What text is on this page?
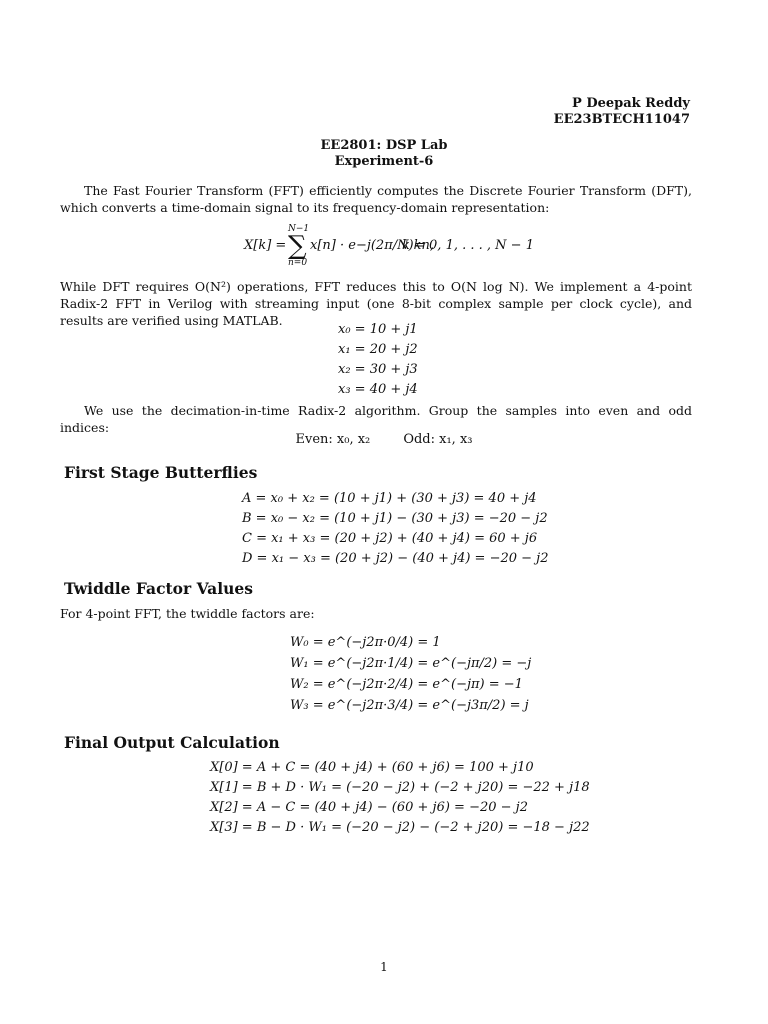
P Deepak Reddy
EE23BTECH11047
EE2801: DSP Lab
Experiment-6

The Fast Fourier Transform (FFT) efficiently computes the Discrete Fourier Transform (DFT), which converts a time-domain signal to its frequency-domain representation:

X[k] =
N−1
∑
n=0
x[n] · e−j(2π/N)kn,
k = 0, 1, . . . , N − 1

While DFT requires O(N²) operations, FFT reduces this to O(N log N). We implement a 4-point Radix-2 FFT in Verilog with streaming input (one 8-bit complex sample per clock cycle), and results are verified using MATLAB.

x₀ = 10 + j1
x₁ = 20 + j2
x₂ = 30 + j3
x₃ = 40 + j4

We use the decimation-in-time Radix-2 algorithm. Group the samples into even and odd indices:

Even: x₀, x₂        Odd: x₁, x₃
First Stage Butterflies
A = x₀ + x₂ = (10 + j1) + (30 + j3) = 40 + j4
B = x₀ − x₂ = (10 + j1) − (30 + j3) = −20 − j2
C = x₁ + x₃ = (20 + j2) + (40 + j4) = 60 + j6
D = x₁ − x₃ = (20 + j2) − (40 + j4) = −20 − j2
Twiddle Factor Values

For 4-point FFT, the twiddle factors are:

W₀ = e^(−j2π·0/4) = 1
W₁ = e^(−j2π·1/4) = e^(−jπ/2) = −j
W₂ = e^(−j2π·2/4) = e^(−jπ) = −1
W₃ = e^(−j2π·3/4) = e^(−j3π/2) = j
Final Output Calculation
X[0] = A + C = (40 + j4) + (60 + j6) = 100 + j10
X[1] = B + D · W₁ = (−20 − j2) + (−2 + j20) = −22 + j18
X[2] = A − C = (40 + j4) − (60 + j6) = −20 − j2
X[3] = B − D · W₁ = (−20 − j2) − (−2 + j20) = −18 − j22
1
